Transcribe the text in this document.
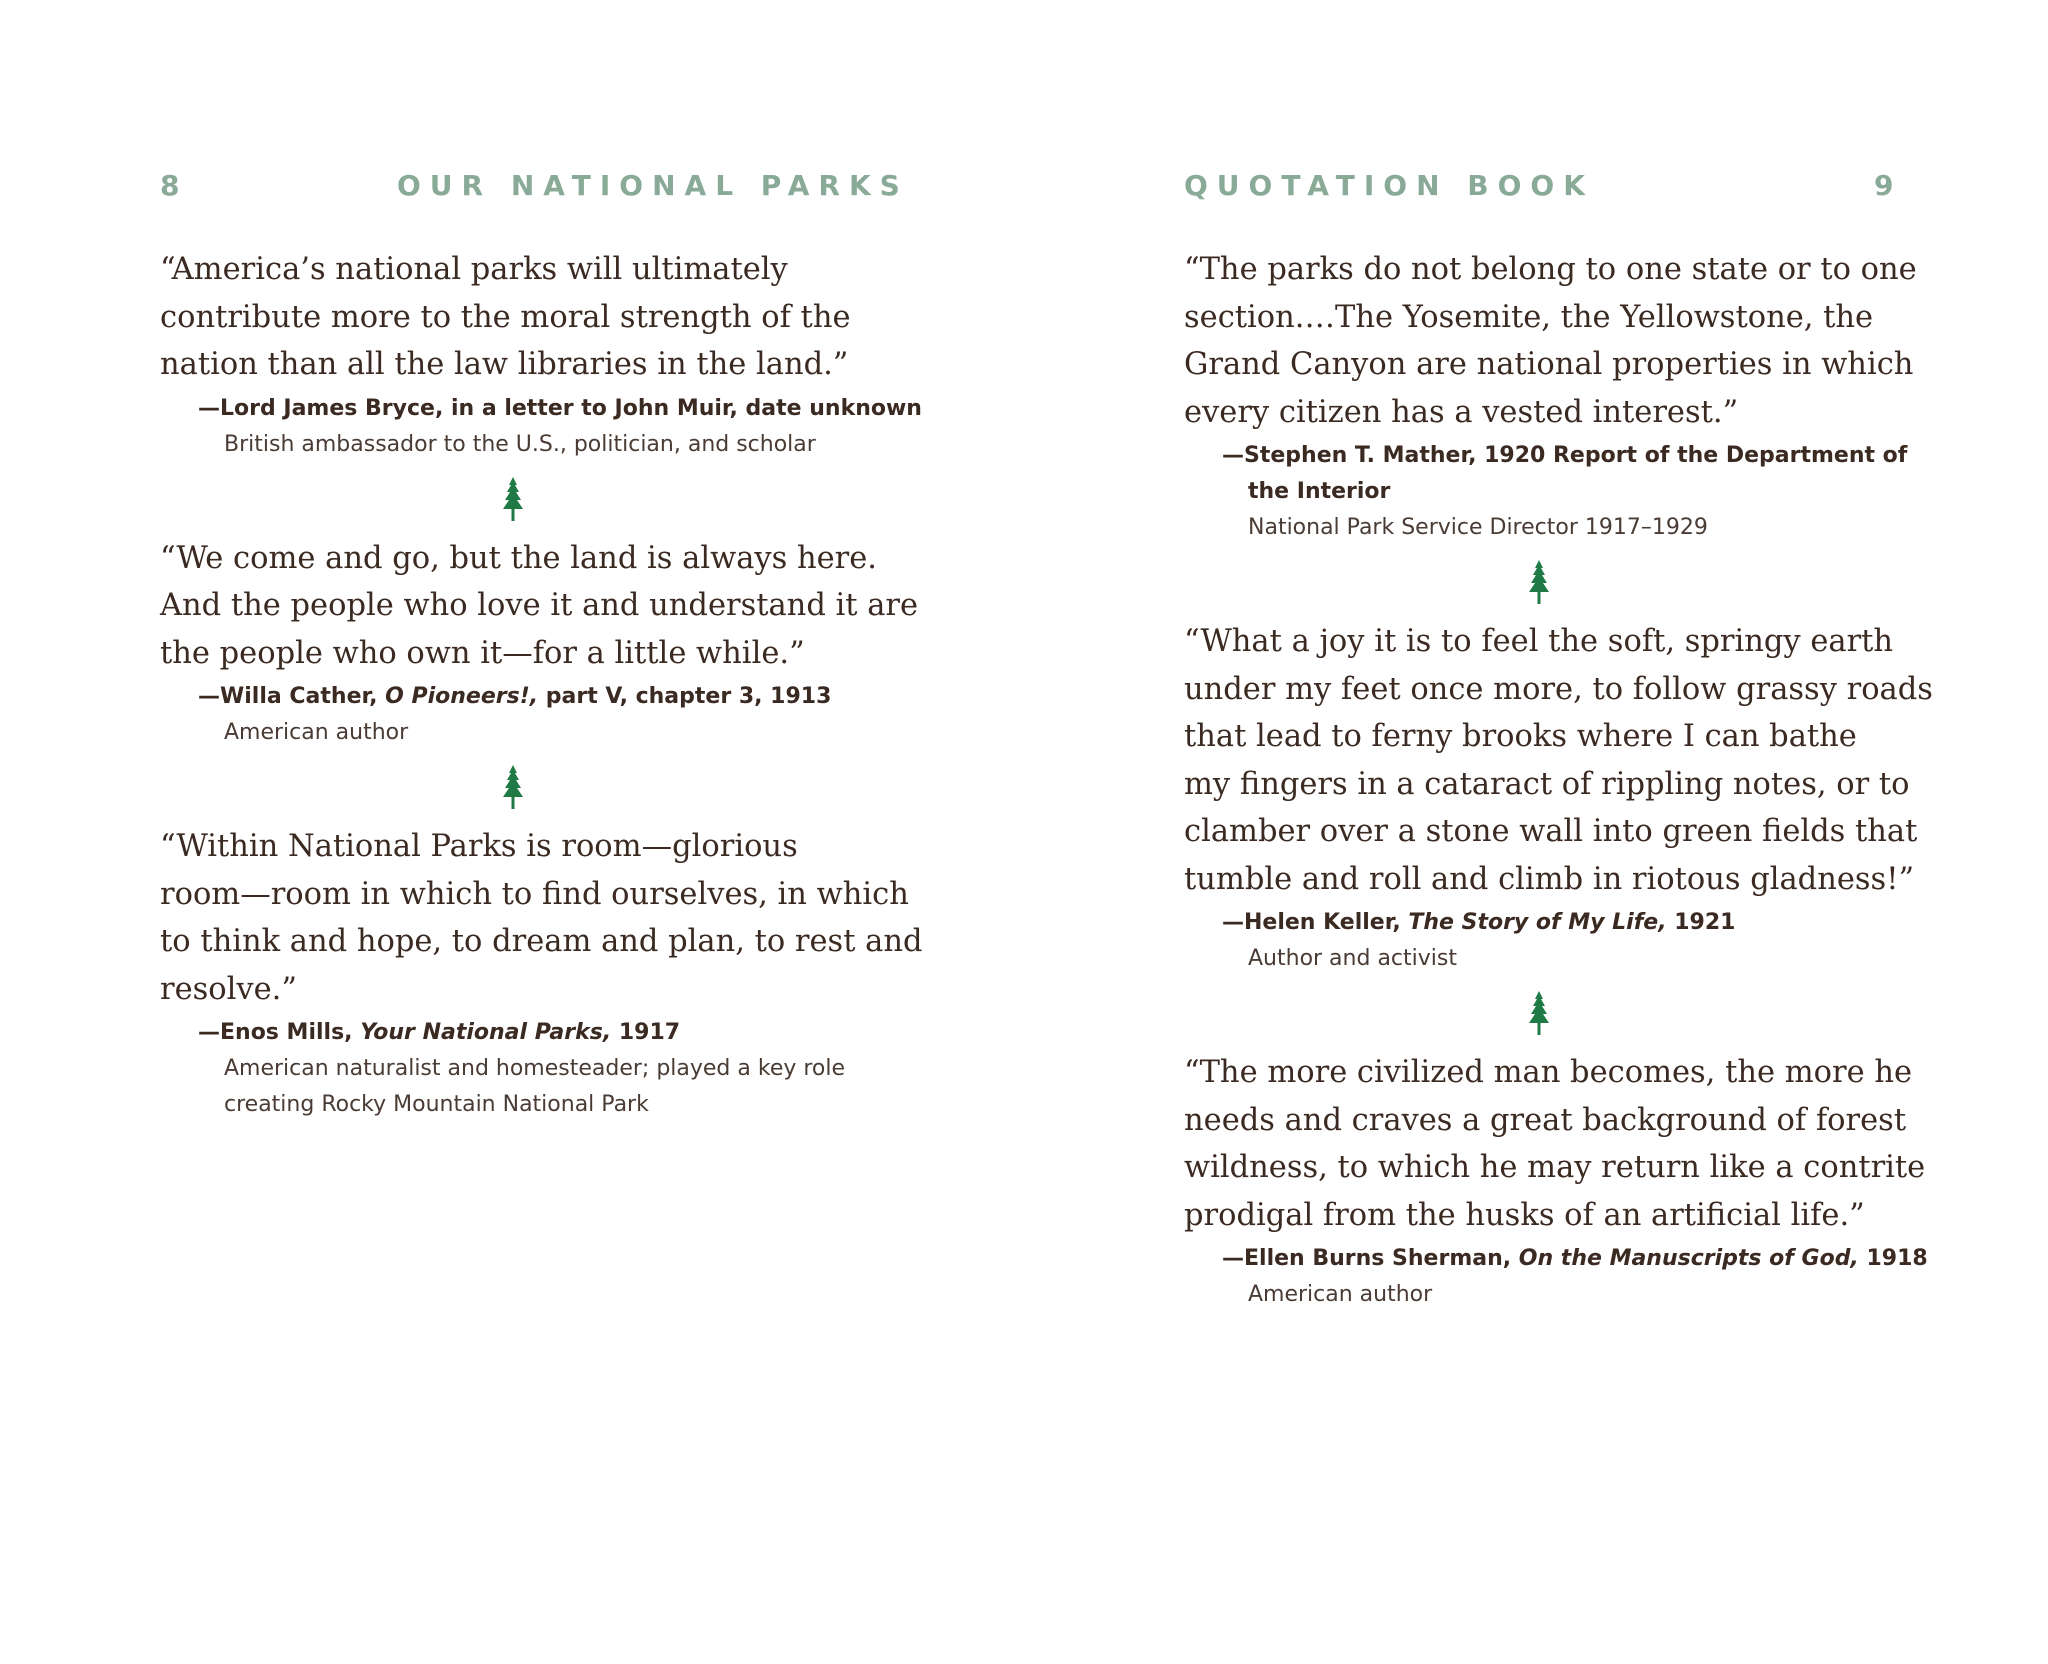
8	OUR NATIONAL PARKS

“America’s national parks will ultimately

contribute more to the moral strength of the

nation than all the law libraries in the land.”

—Lord James Bryce, in a letter to John Muir, date unknown

British ambassador to the U.S., politician, and scholar

“We come and go, but the land is always here.

And the people who love it and understand it are

the people who own it—for a little while.”

—Willa Cather, O Pioneers!, part V, chapter 3, 1913

American author

“Within National Parks is room—glorious

room—room in which to find ourselves, in which

to think and hope, to dream and plan, to rest and

resolve.”

—Enos Mills, Your National Parks, 1917

American naturalist and homesteader; played a key role

creating Rocky Mountain National Park

QUOTATION BOOK	9

“The parks do not belong to one state or to one

section.…The Yosemite, the Yellowstone, the

Grand Canyon are national properties in which

every citizen has a vested interest.”

—Stephen T. Mather, 1920 Report of the Department of

the Interior

National Park Service Director 1917–1929

“What a joy it is to feel the soft, springy earth

under my feet once more, to follow grassy roads

that lead to ferny brooks where I can bathe

my fingers in a cataract of rippling notes, or to

clamber over a stone wall into green fields that

tumble and roll and climb in riotous gladness!”

—Helen Keller, The Story of My Life, 1921

Author and activist

“The more civilized man becomes, the more he

needs and craves a great background of forest

wildness, to which he may return like a contrite

prodigal from the husks of an artificial life.”

—Ellen Burns Sherman, On the Manuscripts of God, 1918

American author
